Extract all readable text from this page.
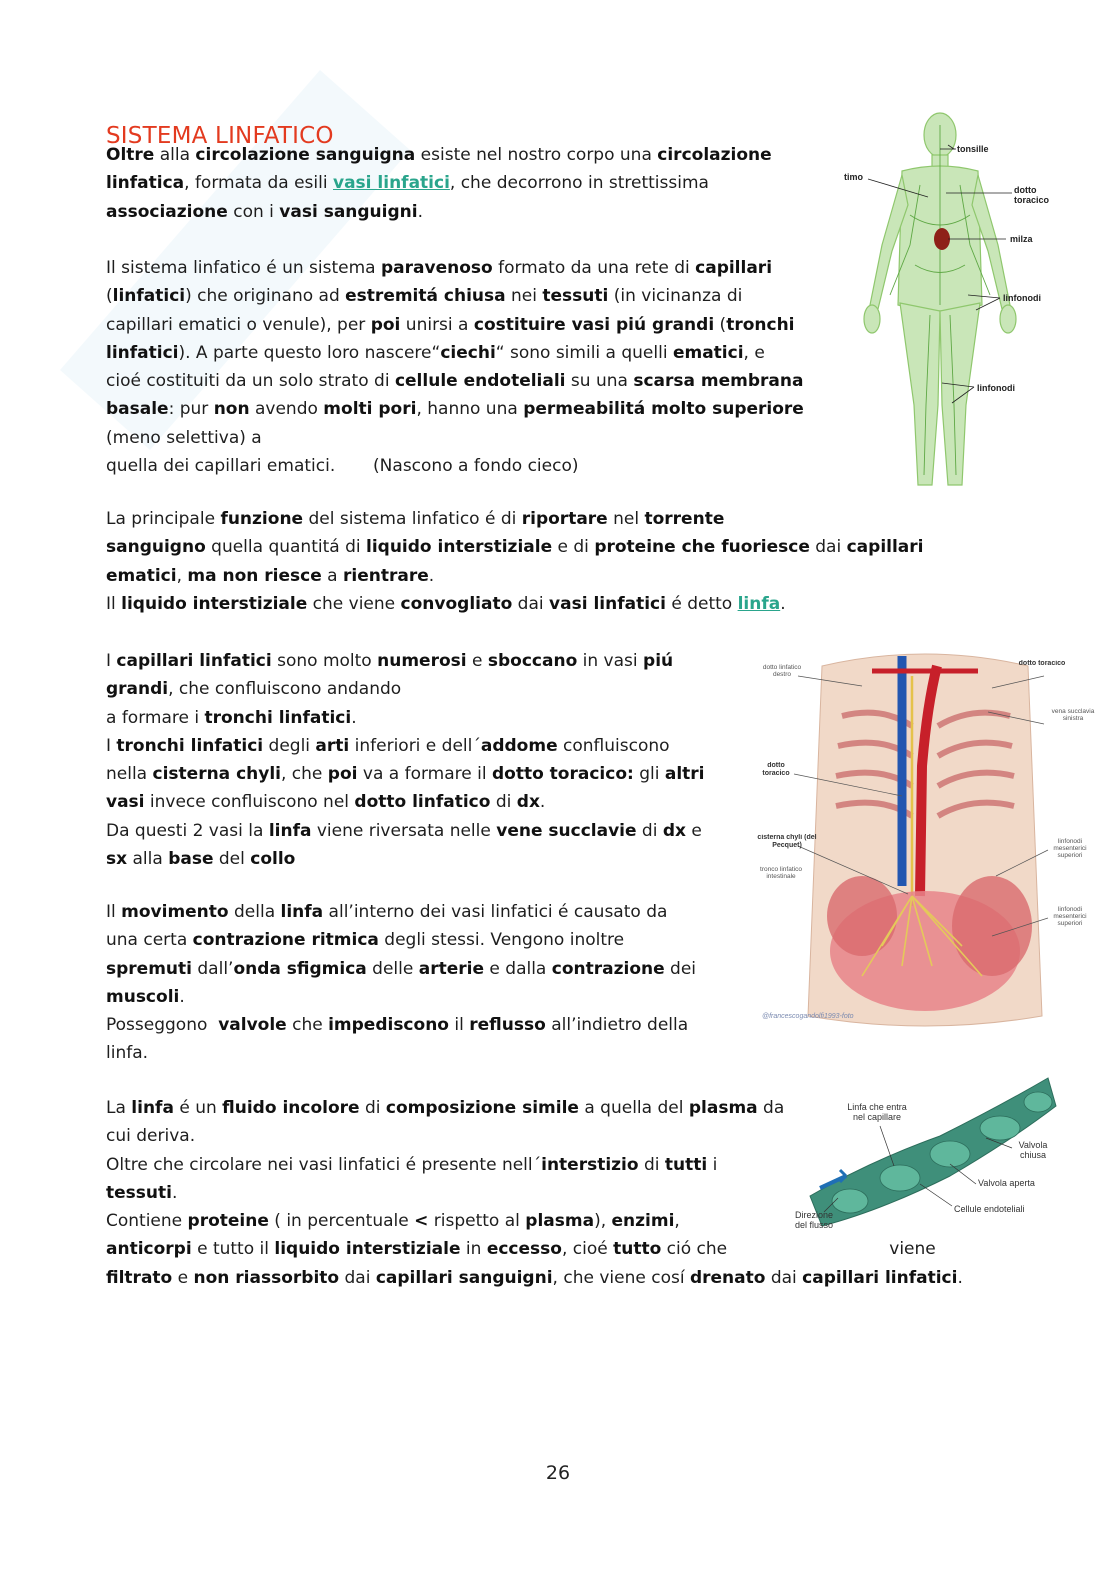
SISTEMA LINFATICO
Oltre alla circolazione sanguigna esiste nel nostro corpo una circolazione
linfatica, formata da esili vasi linfatici, che decorrono in strettissima
associazione con i vasi sanguigni.
Il sistema linfatico é un sistema paravenoso formato da una rete di capillari
(linfatici) che originano ad estremitá chiusa nei tessuti (in vicinanza di
capillari ematici o venule), per poi unirsi a costituire vasi piú grandi (tronchi
linfatici). A parte questo loro nascere“ciechi“ sono simili a quelli ematici, e
cioé costituiti da un solo strato di cellule endoteliali su una scarsa membrana
basale: pur non avendo molti pori, hanno una permeabilitá molto superiore
(meno selettiva) a
quella dei capillari ematici.       (Nascono a fondo cieco)
La principale funzione del sistema linfatico é di riportare nel torrente
sanguigno quella quantitá di liquido interstiziale e di proteine che fuoriesce dai capillari
ematici, ma non riesce a rientrare.
Il liquido interstiziale che viene convogliato dai vasi linfatici é detto linfa.
I capillari linfatici sono molto numerosi e sboccano in vasi piú
grandi, che confluiscono andando
a formare i tronchi linfatici.
I tronchi linfatici degli arti inferiori e dell´addome confluiscono
nella cisterna chyli, che poi va a formare il dotto toracico: gli altri
vasi invece confluiscono nel dotto linfatico di dx.
Da questi 2 vasi la linfa viene riversata nelle vene succlavie di dx e
sx alla base del collo
Il movimento della linfa all’interno dei vasi linfatici é causato da
una certa contrazione ritmica degli stessi. Vengono inoltre
spremuti dall’onda sfigmica delle arterie e dalla contrazione dei
muscoli.
Posseggono  valvole che impediscono il reflusso all’indietro della
linfa.
La linfa é un fluido incolore di composizione simile a quella del plasma da
cui deriva.
Oltre che circolare nei vasi linfatici é presente nell´interstizio di tutti i
tessuti.
Contiene proteine ( in percentuale < rispetto al plasma), enzimi,
anticorpi e tutto il liquido interstiziale in eccesso, cioé tutto ció che                              viene
filtrato e non riassorbito dai capillari sanguigni, che viene cosí drenato dai capillari linfatici.
tonsille
timo
milza
linfonodi
linfonodi
dotto toracico
dotto linfatico destro
dotto toracico
vena succlavia sinistra
dotto toracico
cisterna chyli (del Pecquet)
tronco linfatico intestinale
linfonodi mesenterici superiori
linfonodi mesenterici superiori
@francescogandolfi1993-foto
Linfa che entra nel capillare
Valvola chiusa
Valvola aperta
Direzione del flusso
Cellule endoteliali
26
